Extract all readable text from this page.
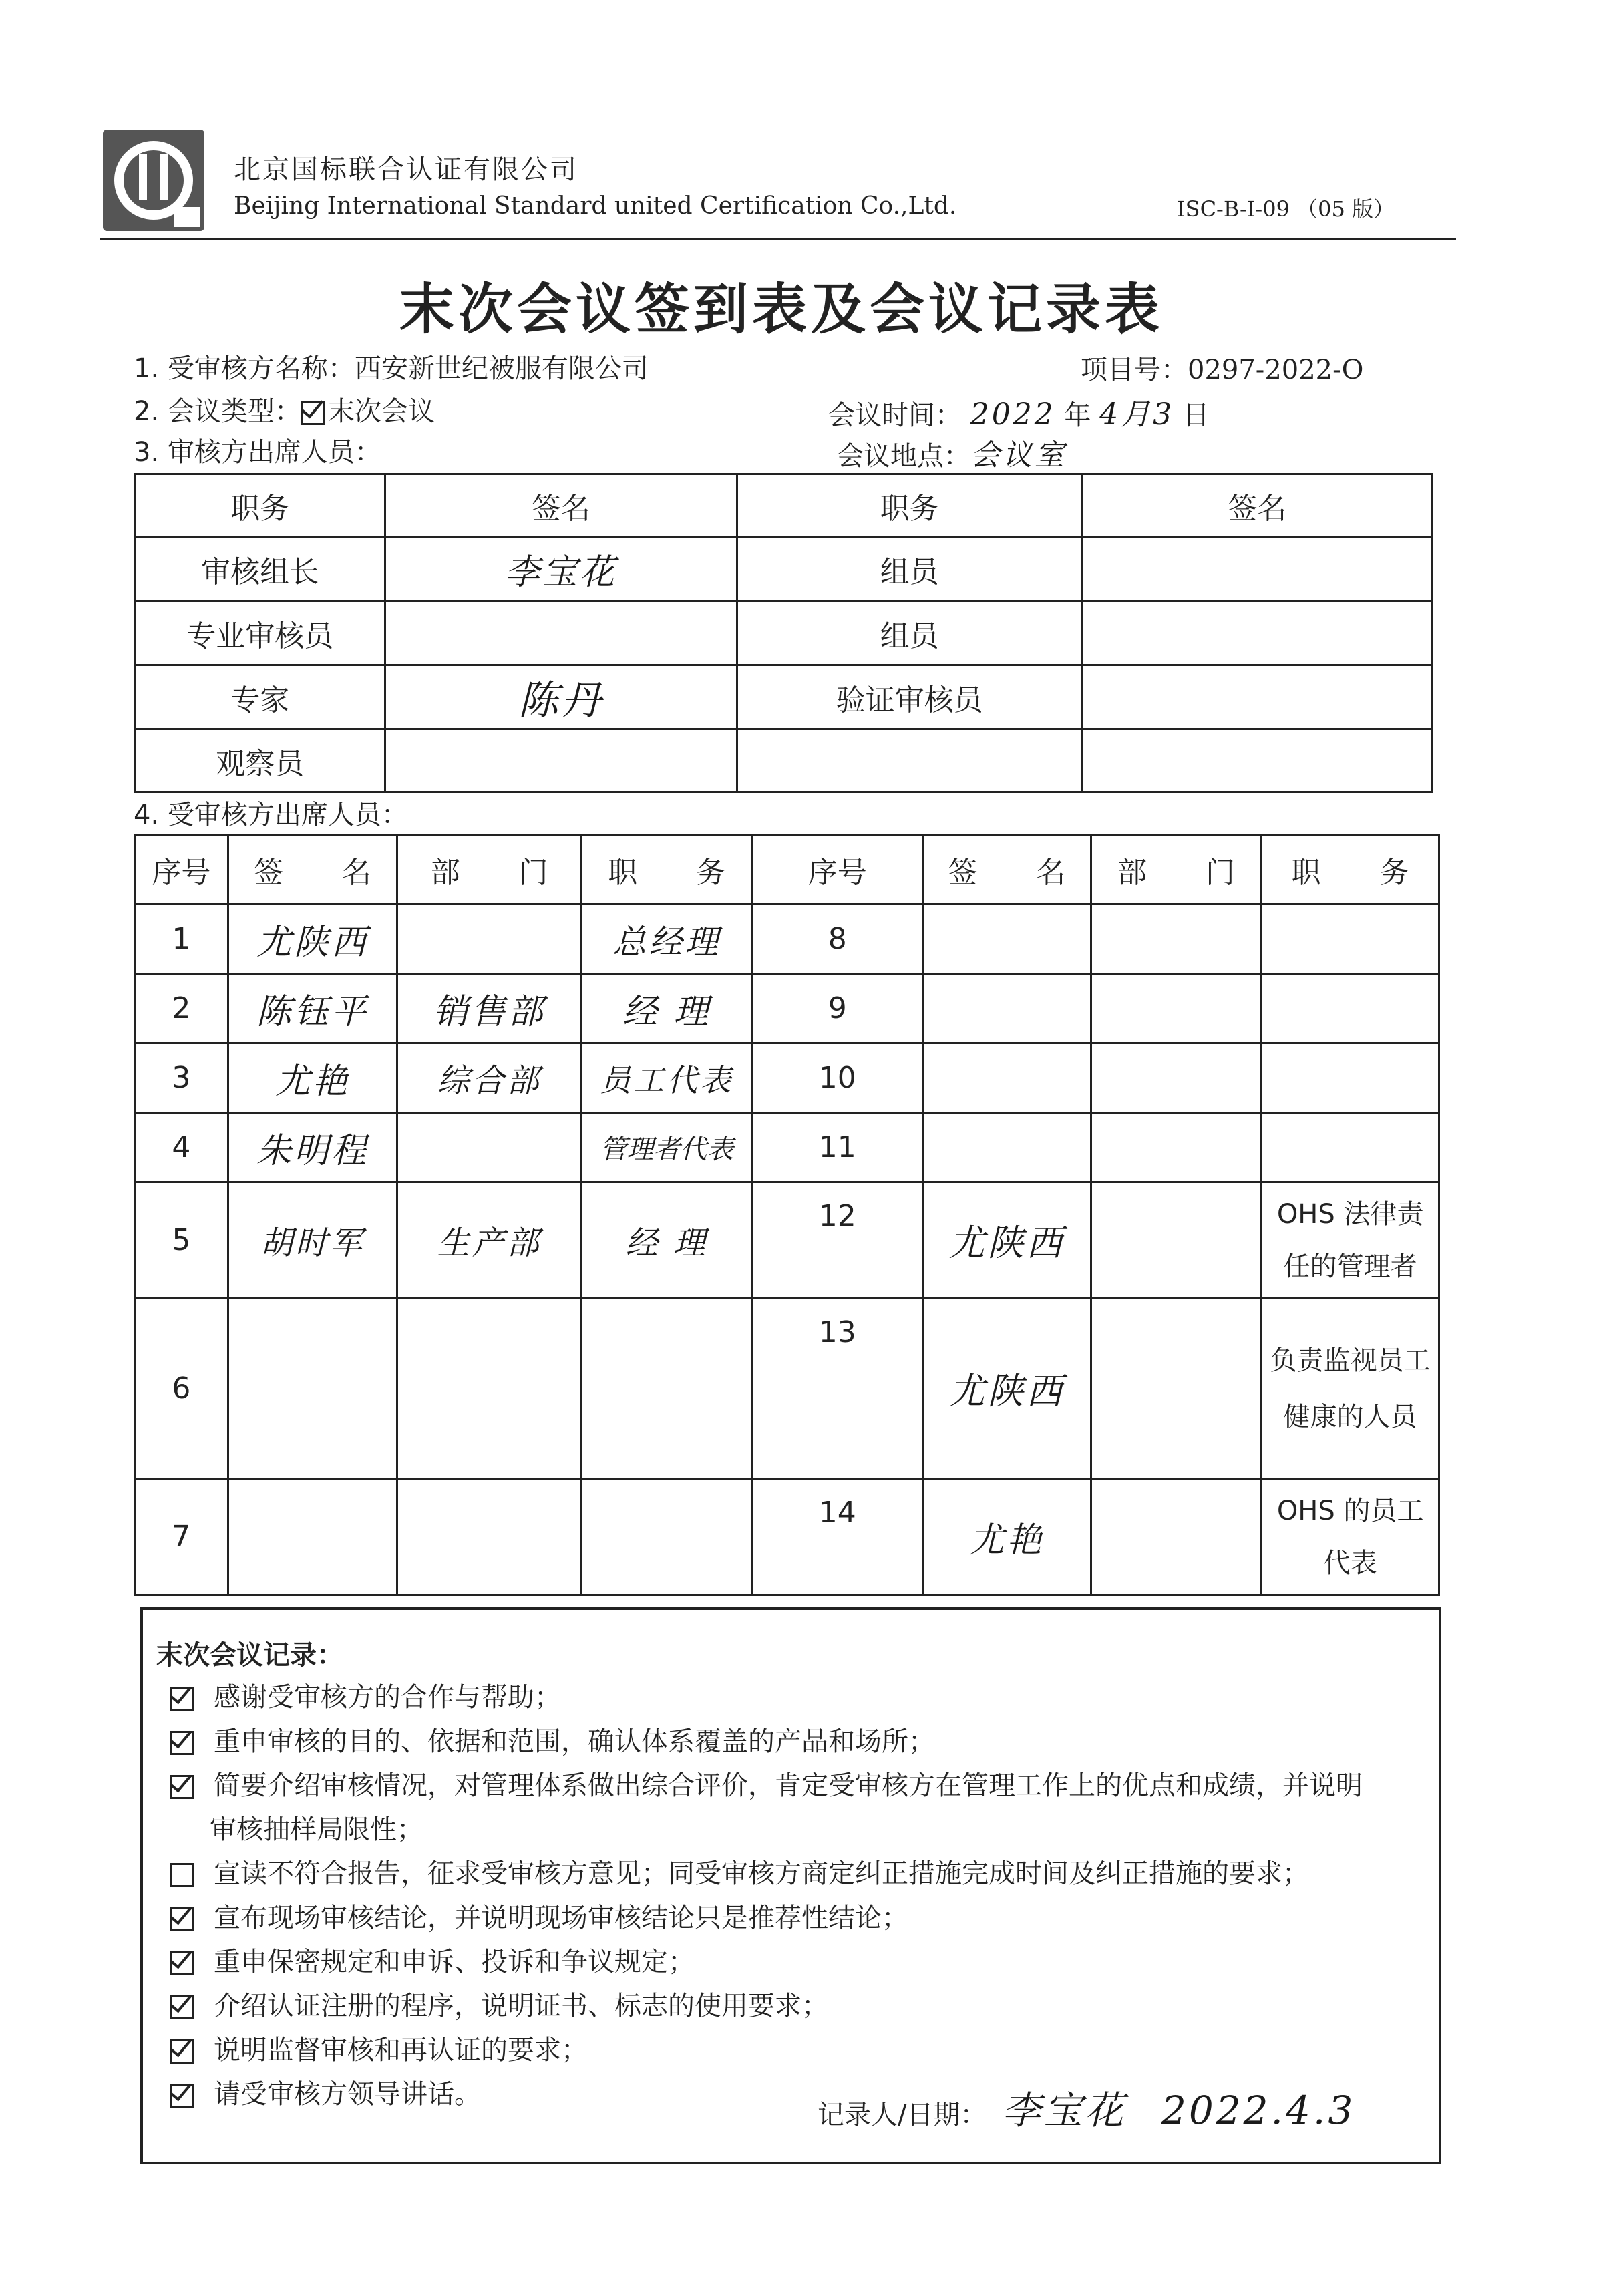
北京国标联合认证有限公司
Beijing International Standard united Certification Co.,Ltd.	ISC-B-I-09 （05 版）
末次会议签到表及会议记录表
1. 受审核方名称：西安新世纪被服有限公司	项目号：0297-2022-O
2. 会议类型： 末次会议	会议时间： 2022 年 4月3 日
3. 审核方出席人员：	会议地点：会议室
职务	签名	职务	签名
审核组长	李宝花	组员	
专业审核员		组员	
专家	陈丹	验证审核员	
观察员			
4. 受审核方出席人员：
序号	签　　名	部　　门	职　　务	序号	签　　名	部　　门	职　　务
1	尤陕西		总经理	8			
2	陈钰平	销售部	经 理	9			
3	尤艳	综合部	员工代表	10			
4	朱明程		管理者代表	11			
5	胡时军	生产部	经 理	12	尤陕西		OHS 法律责任的管理者
6				13	尤陕西		负责监视员工健康的人员
7				14	尤艳		OHS 的员工代表
末次会议记录：
感谢受审核方的合作与帮助；
重申审核的目的、依据和范围，确认体系覆盖的产品和场所；
简要介绍审核情况，对管理体系做出综合评价，肯定受审核方在管理工作上的优点和成绩，并说明
审核抽样局限性；
宣读不符合报告，征求受审核方意见；同受审核方商定纠正措施完成时间及纠正措施的要求；
宣布现场审核结论，并说明现场审核结论只是推荐性结论；
重申保密规定和申诉、投诉和争议规定；
介绍认证注册的程序，说明证书、标志的使用要求；
说明监督审核和再认证的要求；
请受审核方领导讲话。
记录人/日期： 李宝花 2022.4.3
